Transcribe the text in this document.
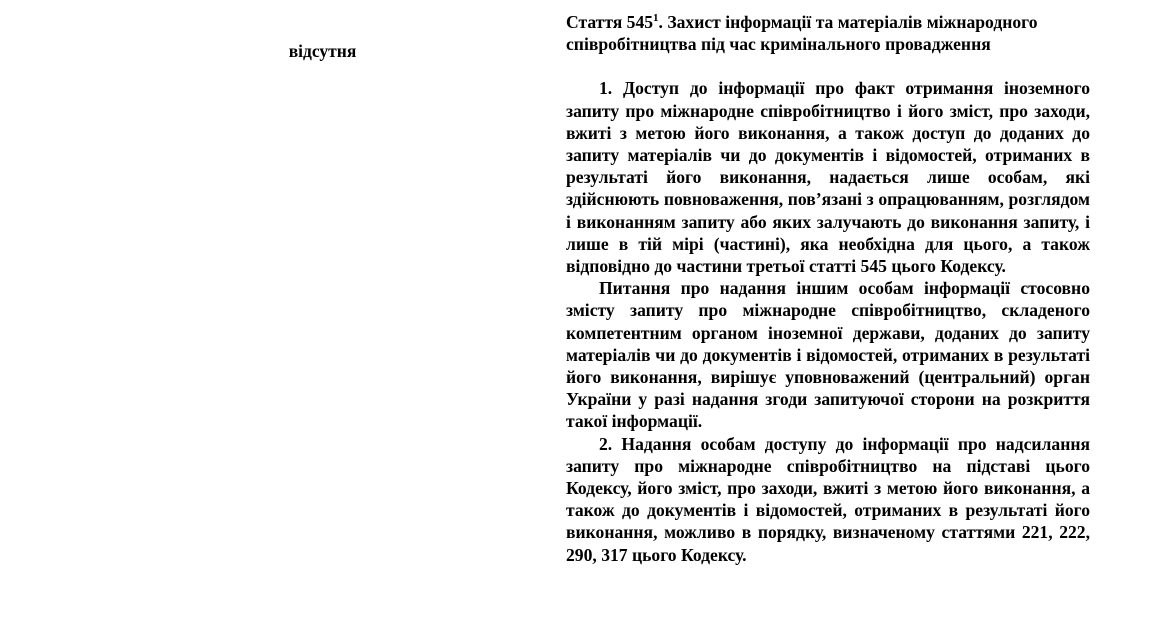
відсутня

Стаття $545^1$. Захист інформації та матеріалів міжнародного співробітництва під час кримінального провадження

1. Доступ до інформації про факт отримання іноземного запиту про міжнародне співробітництво і його зміст, про заходи, вжиті з метою його виконання, а також доступ до доданих до запиту матеріалів чи до документів і відомостей, отриманих в результаті його виконання, надається лише особам, які здійснюють повноваження, пов’язані з опрацюванням, розглядом і виконанням запиту або яких залучають до виконання запиту, і лише в тій мірі (частині), яка необхідна для цього, а також відповідно до частини третьої статті 545 цього Кодексу.

Питання про надання іншим особам інформації стосовно змісту запиту про міжнародне співробітництво, складеного компетентним органом іноземної держави, доданих до запиту матеріалів чи до документів і відомостей, отриманих в результаті його виконання, вирішує уповноважений (центральний) орган України у разі надання згоди запитуючої сторони на розкриття такої інформації.

2. Надання особам доступу до інформації про надсилання запиту про міжнародне співробітництво на підставі цього Кодексу, його зміст, про заходи, вжиті з метою його виконання, а також до документів і відомостей, отриманих в результаті його виконання, можливо в порядку, визначеному статтями 221, 222, 290, 317 цього Кодексу.
